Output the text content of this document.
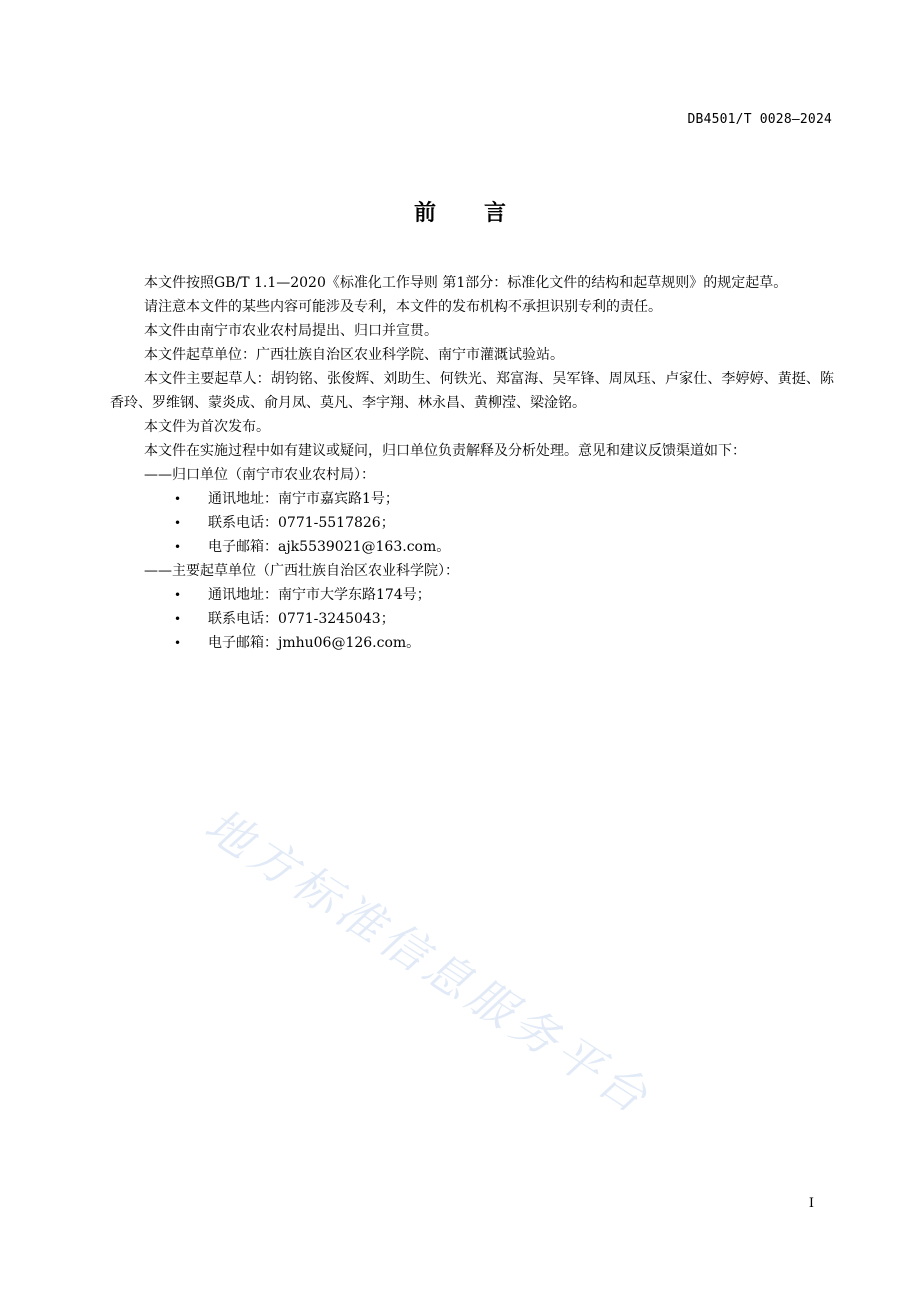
DB4501/T 0028—2024
前言

本文件按照GB/T 1.1—2020《标准化工作导则 第1部分：标准化文件的结构和起草规则》的规定起草。

请注意本文件的某些内容可能涉及专利，本文件的发布机构不承担识别专利的责任。

本文件由南宁市农业农村局提出、归口并宣贯。

本文件起草单位：广西壮族自治区农业科学院、南宁市灌溉试验站。

本文件主要起草人：胡钧铭、张俊辉、刘助生、何铁光、郑富海、吴军锋、周凤珏、卢家仕、李婷婷、黄挺、陈香玲、罗维钢、蒙炎成、俞月凤、莫凡、李宇翔、林永昌、黄柳滢、梁淦铭。

本文件为首次发布。

本文件在实施过程中如有建议或疑问，归口单位负责解释及分析处理。意见和建议反馈渠道如下：

——归口单位（南宁市农业农村局）：

• 通讯地址：南宁市嘉宾路1号；
• 联系电话：0771-5517826；
• 电子邮箱：ajk5539021@163.com。

——主要起草单位（广西壮族自治区农业科学院）：

• 通讯地址：南宁市大学东路174号；
• 联系电话：0771-3245043；
• 电子邮箱：jmhu06@126.com。
地方标准信息服务平台
I
